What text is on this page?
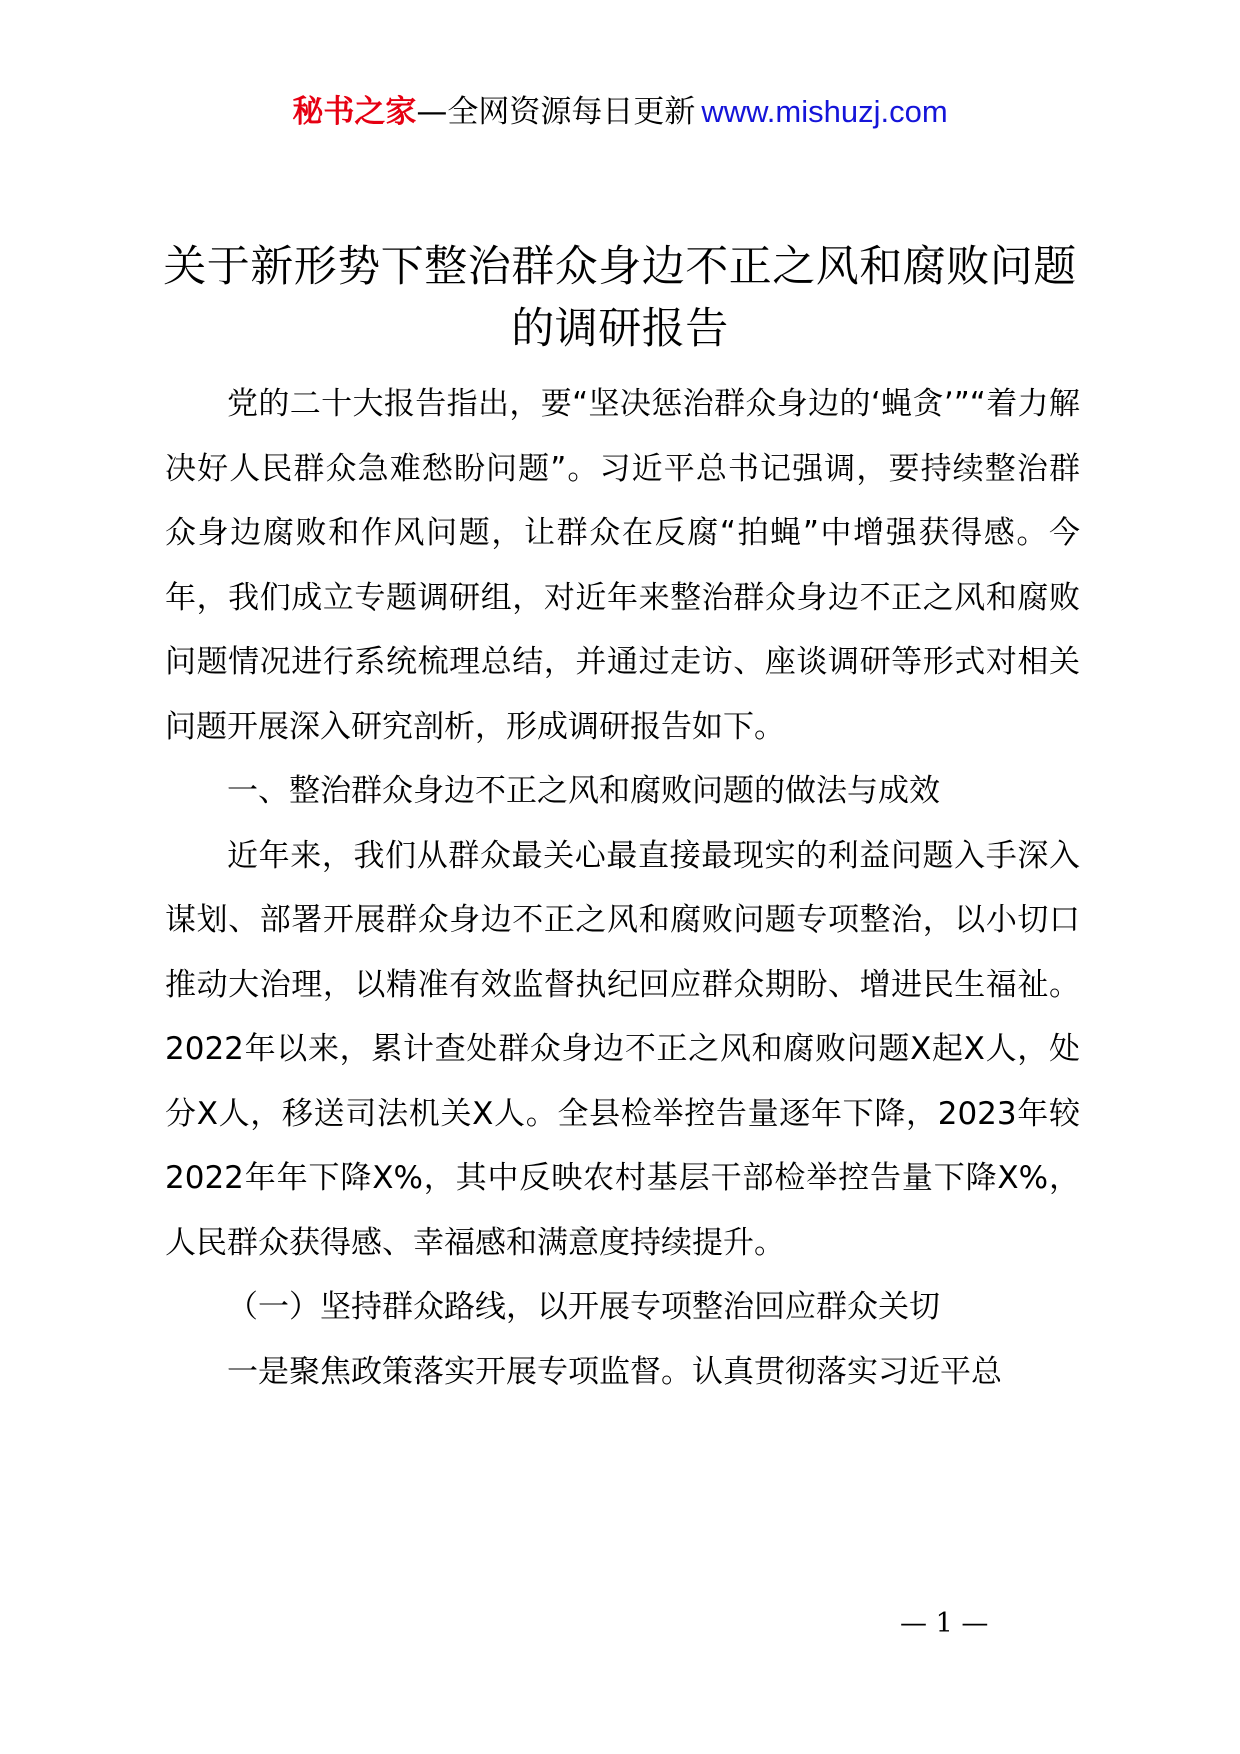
秘书之家—全网资源每日更新 www.mishuzj.com
关于新形势下整治群众身边不正之风和腐败问题的调研报告

党的二十大报告指出，要“坚决惩治群众身边的‘蝇贪’”“着力解决好人民群众急难愁盼问题”。习近平总书记强调，要持续整治群众身边腐败和作风问题，让群众在反腐“拍蝇”中增强获得感。今年，我们成立专题调研组，对近年来整治群众身边不正之风和腐败问题情况进行系统梳理总结，并通过走访、座谈调研等形式对相关问题开展深入研究剖析，形成调研报告如下。

一、整治群众身边不正之风和腐败问题的做法与成效

近年来，我们从群众最关心最直接最现实的利益问题入手深入谋划、部署开展群众身边不正之风和腐败问题专项整治，以小切口推动大治理，以精准有效监督执纪回应群众期盼、增进民生福祉。2022年以来，累计查处群众身边不正之风和腐败问题X起X人，处分X人，移送司法机关X人。全县检举控告量逐年下降，2023年较2022年年下降X%，其中反映农村基层干部检举控告量下降X%，人民群众获得感、幸福感和满意度持续提升。

（一）坚持群众路线，以开展专项整治回应群众关切

一是聚焦政策落实开展专项监督。认真贯彻落实习近平总

— 1 —
